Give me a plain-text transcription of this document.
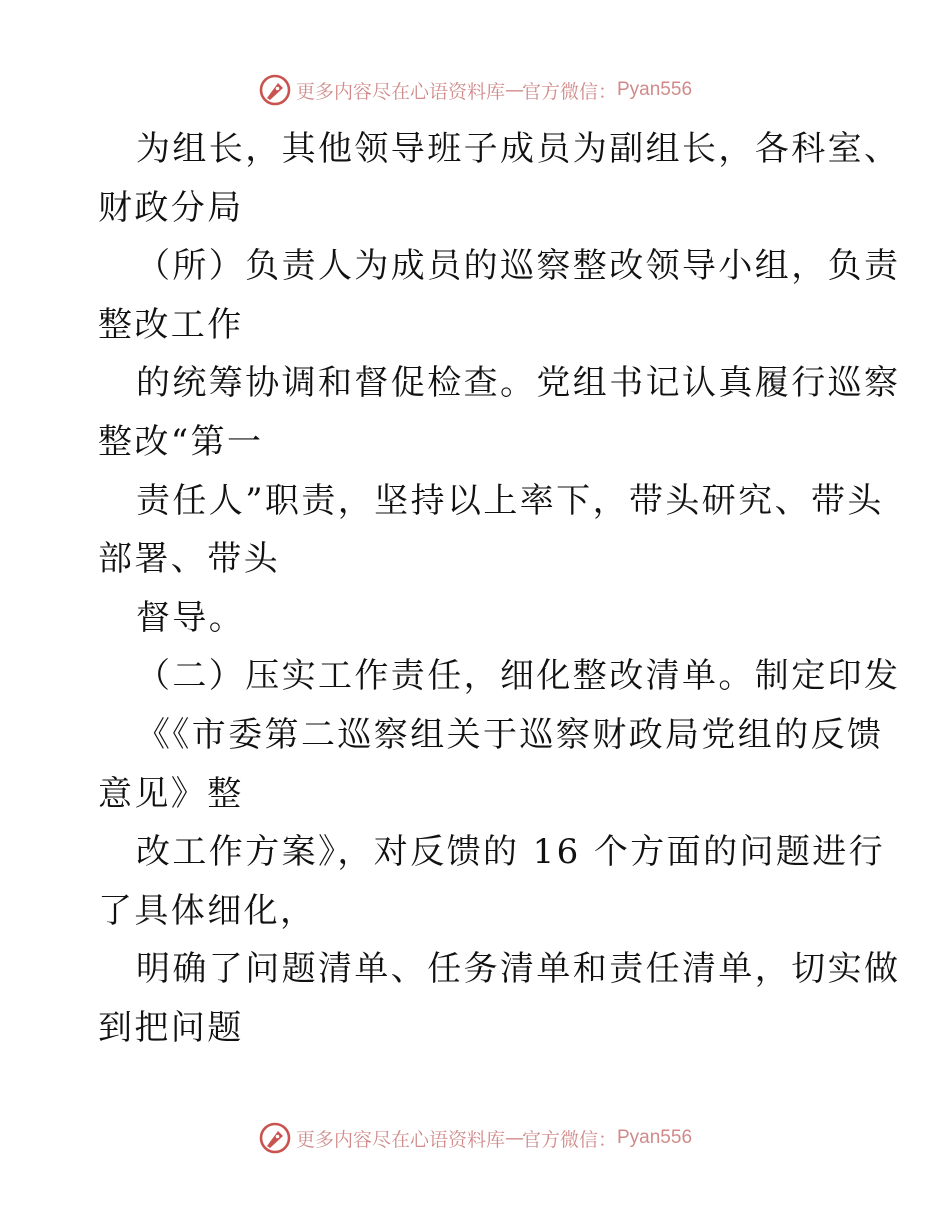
更多内容尽在心语资料库 — 官方微信： Pyan556
为组长，其他领导班子成员为副组长，各科室、
财政分局
（所）负责人为成员的巡察整改领导小组，负责
整改工作
的统筹协调和督促检查。党组书记认真履行巡察
整改“第一
责任人”职责，坚持以上率下，带头研究、带头
部署、带头
督导。
（二）压实工作责任，细化整改清单。制定印发
《《市委第二巡察组关于巡察财政局党组的反馈
意见》整
改工作方案》，对反馈的 16 个方面的问题进行
了具体细化，
明确了问题清单、任务清单和责任清单，切实做
到把问题
更多内容尽在心语资料库 — 官方微信： Pyan556
